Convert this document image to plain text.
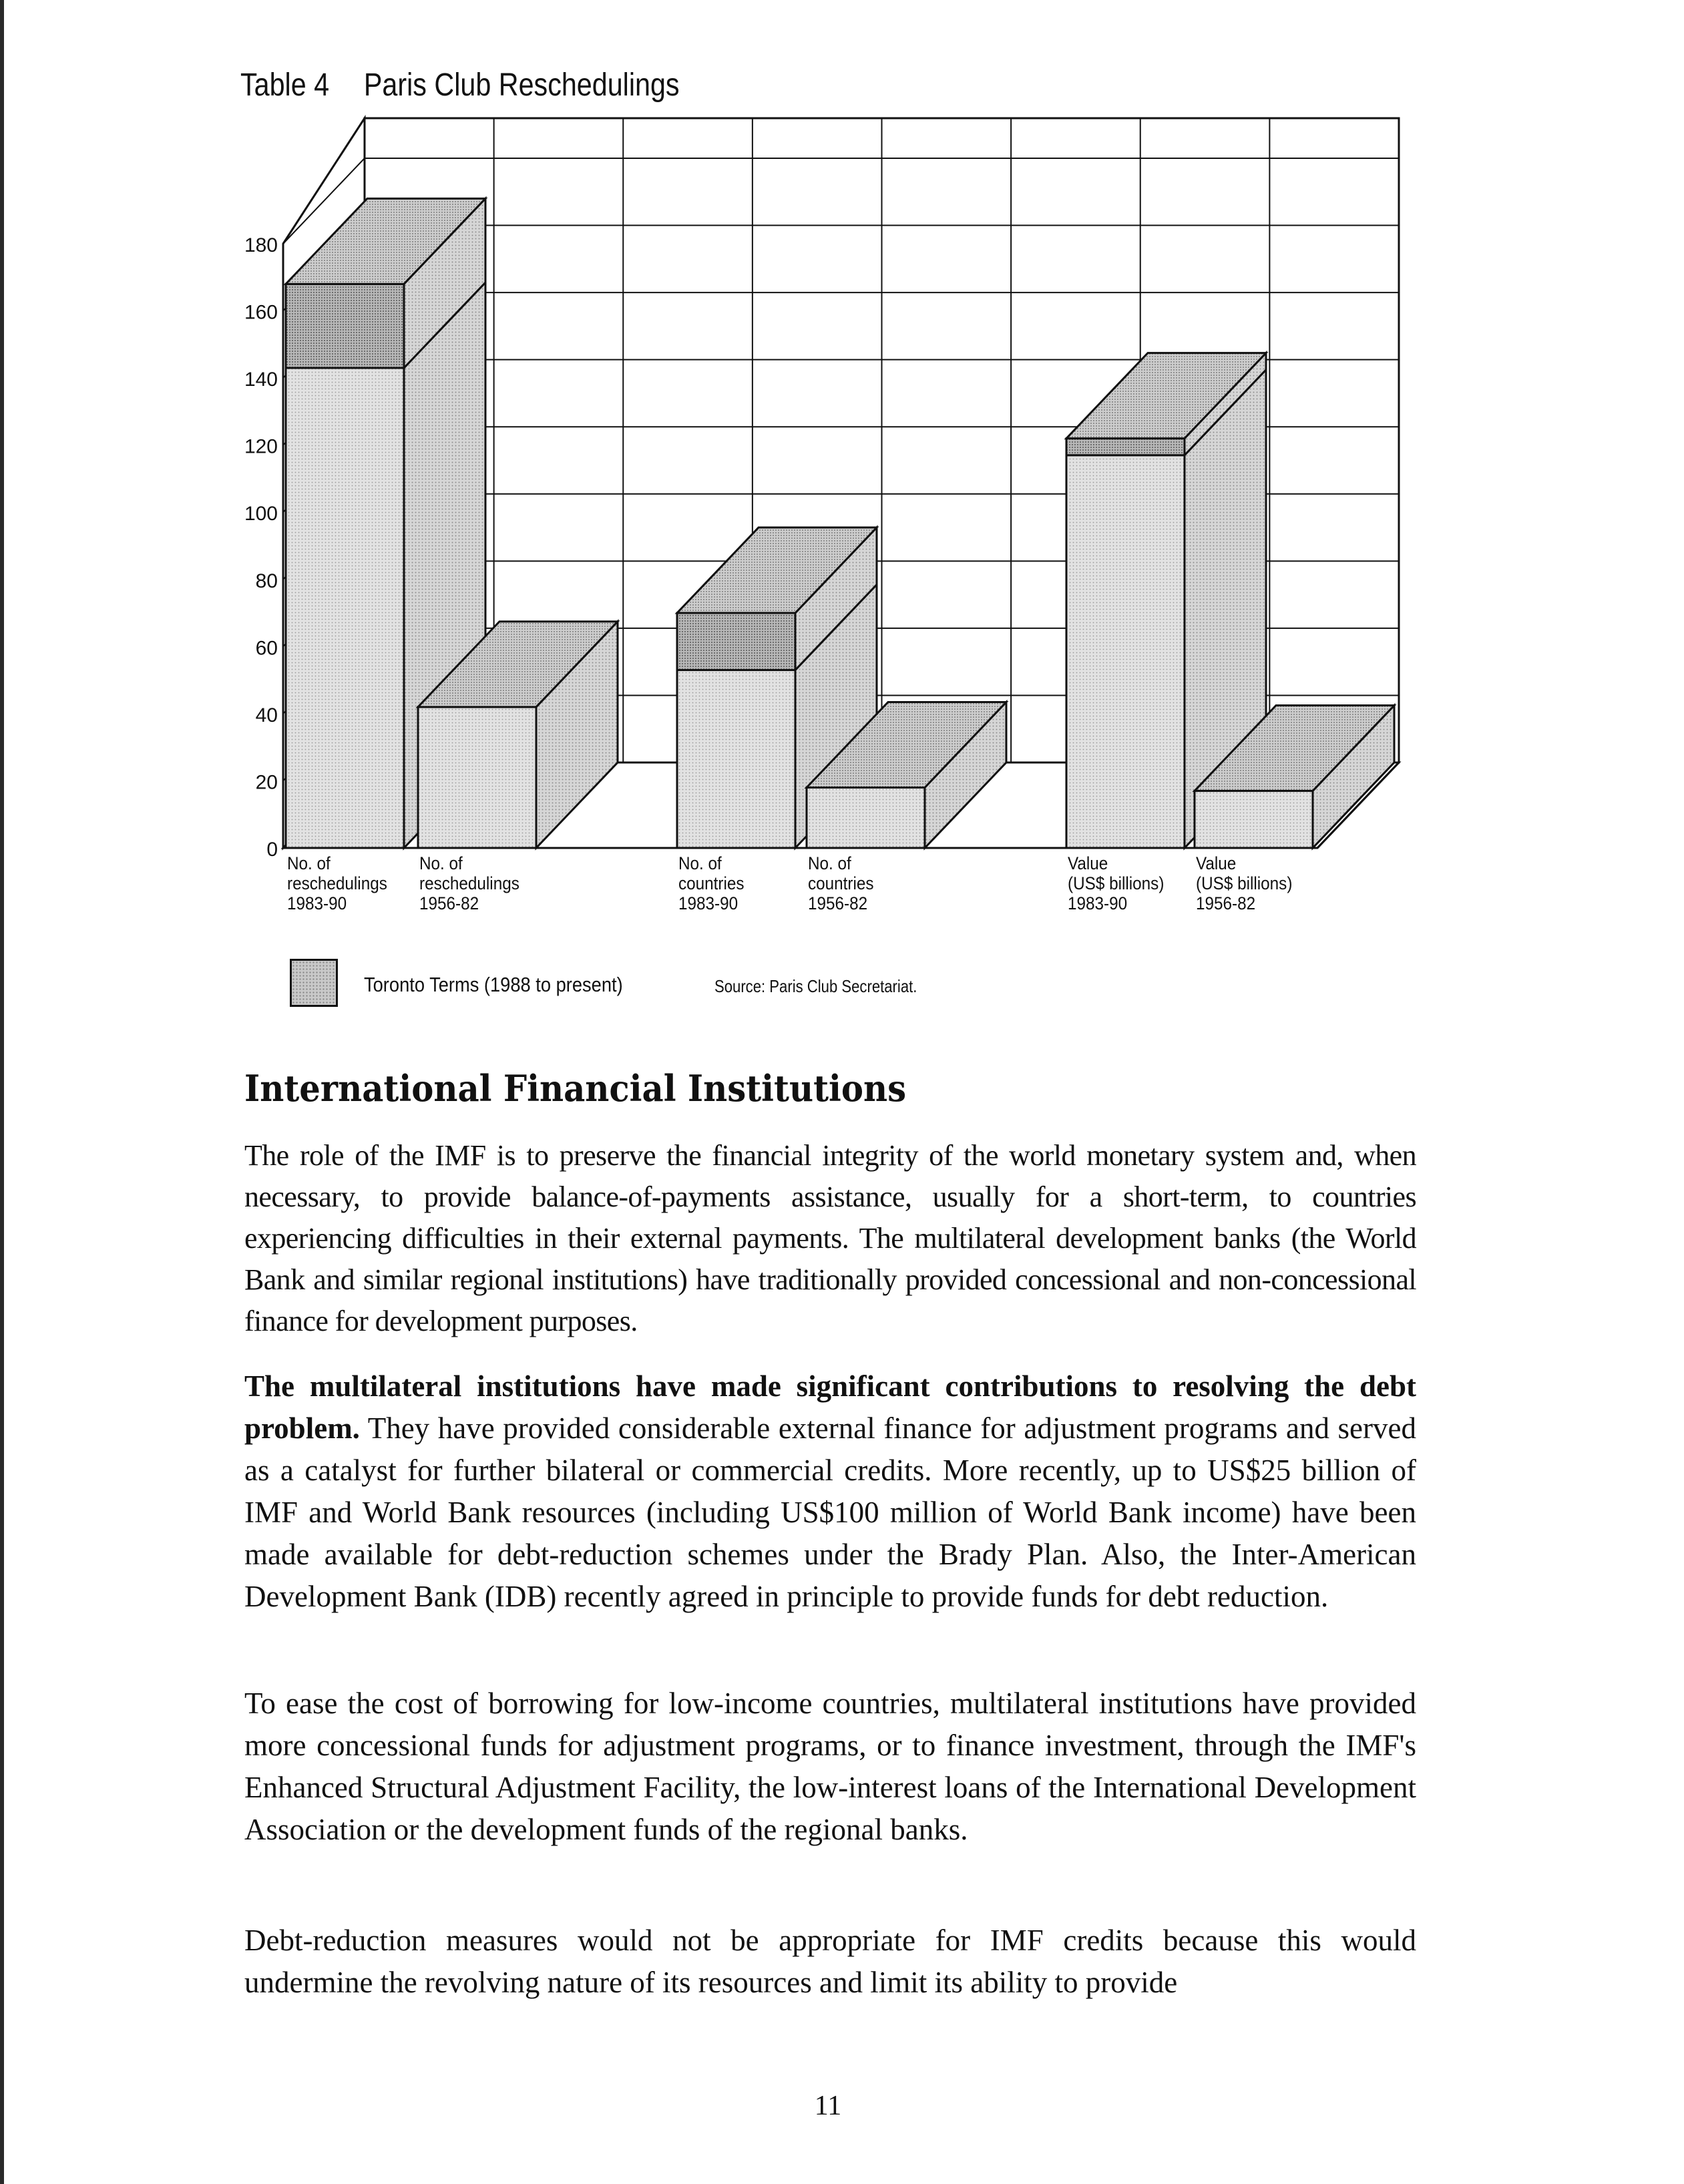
Table 4 Paris Club Reschedulings
0
20
40
60
80
100
120
140
160
180
No. of
reschedulings
1983-90
No. of
reschedulings
1956-82
No. of
countries
1983-90
No. of
countries
1956-82
Value
(US$ billions)
1983-90
Value
(US$ billions)
1956-82
Toronto Terms (1988 to present)	Source: Paris Club Secretariat.
International Financial Institutions

The role of the IMF is to preserve the financial integrity of the world monetary system and, when necessary, to provide balance-of-payments assistance, usually for a short-term, to countries experiencing difficulties in their external payments. The multilateral development banks (the World Bank and similar regional institutions) have traditionally provided concessional and non-concessional finance for development purposes.

The multilateral institutions have made significant contributions to resolving the debt problem. They have provided considerable external finance for adjustment programs and served as a catalyst for further bilateral or commercial credits. More recently, up to US$25 billion of IMF and World Bank resources (including US$100 million of World Bank income) have been made available for debt-reduction schemes under the Brady Plan. Also, the Inter-American Development Bank (IDB) recently agreed in principle to provide funds for debt reduction.

To ease the cost of borrowing for low-income countries, multilateral institutions have provided more concessional funds for adjustment programs, or to finance investment, through the IMF's Enhanced Structural Adjustment Facility, the low-interest loans of the International Development Association or the development funds of the regional banks.

Debt-reduction measures would not be appropriate for IMF credits because this would undermine the revolving nature of its resources and limit its ability to provide

11
